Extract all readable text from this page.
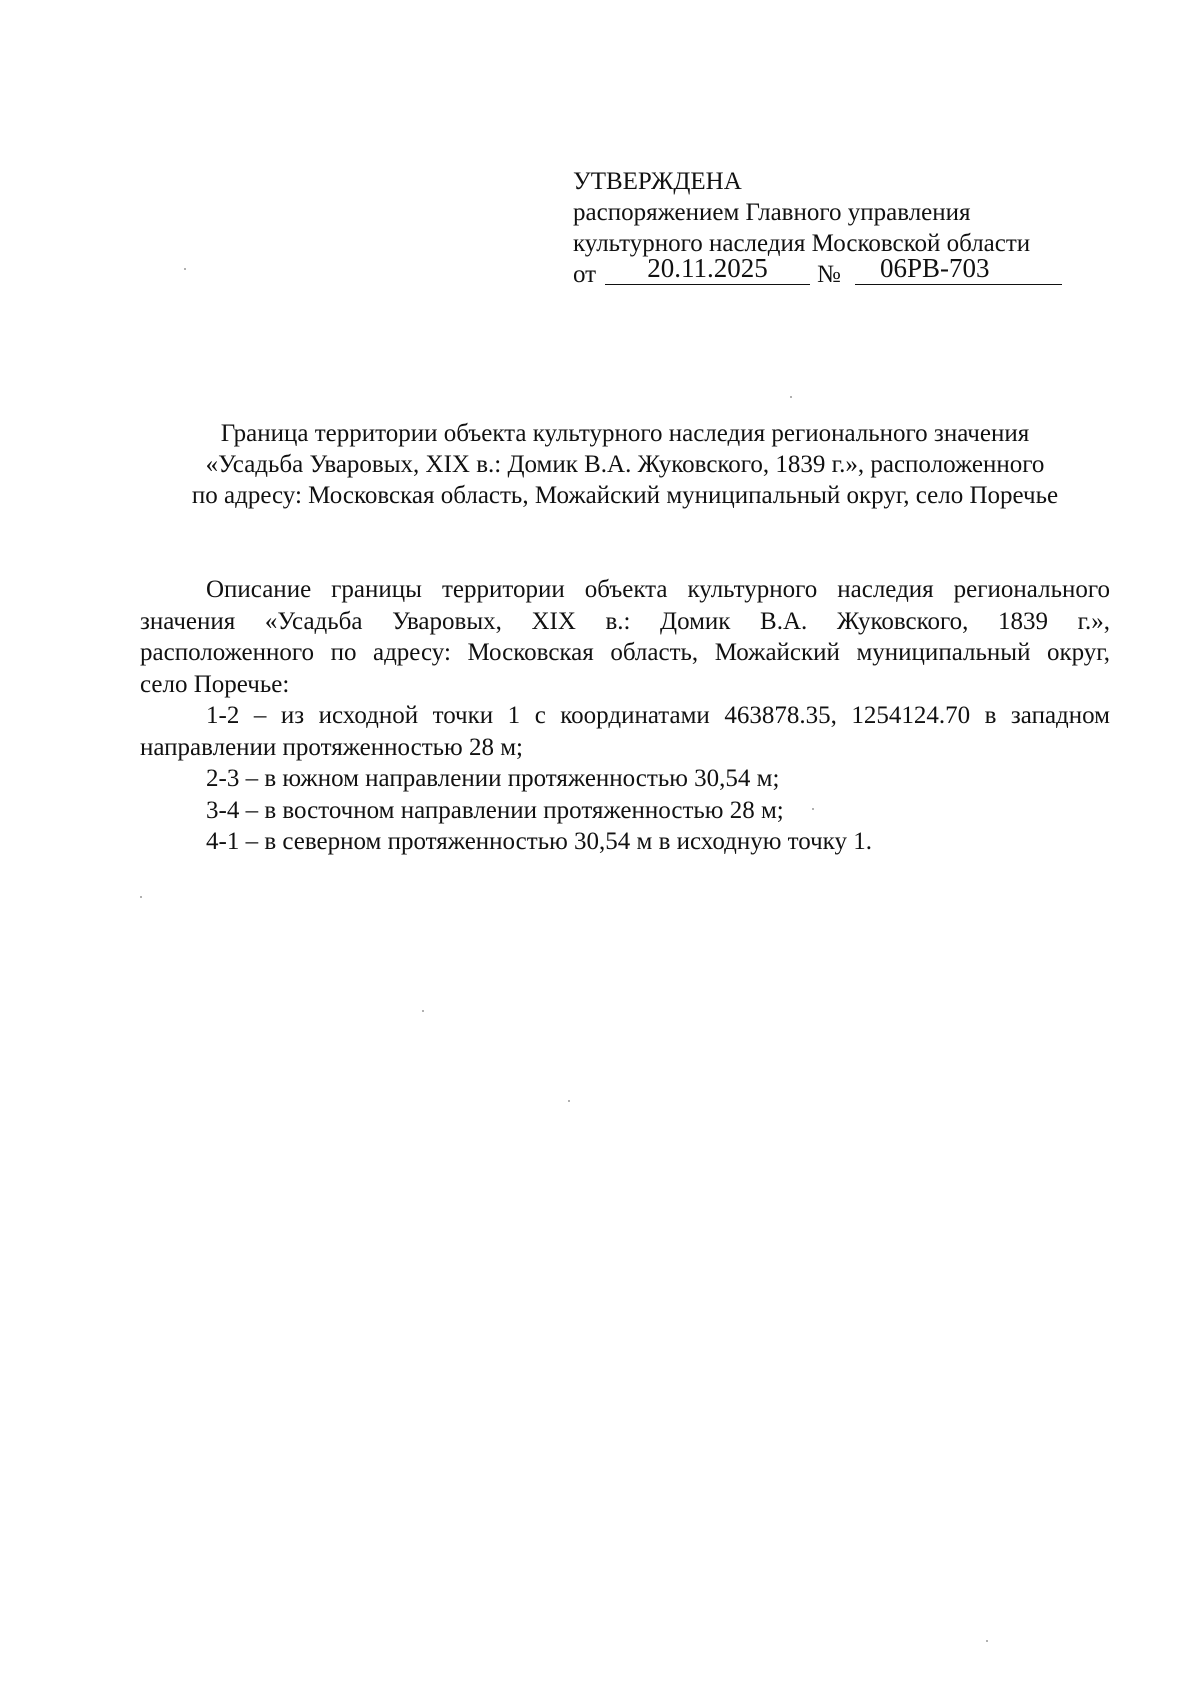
УТВЕРЖДЕНА
распоряжением Главного управления
культурного наследия Московской области
от	20.11.2025	№	06РВ-703
Граница территории объекта культурного наследия регионального значения
«Усадьба Уваровых, XIX в.: Домик В.А. Жуковского, 1839 г.», расположенного
по адресу: Московская область, Можайский муниципальный округ, село Поречье
Описание границы территории объекта культурного наследия регионального
значения «Усадьба Уваровых, XIX в.: Домик В.А. Жуковского, 1839 г.»,
расположенного по адресу: Московская область, Можайский муниципальный округ,
село Поречье:
1-2 – из исходной точки 1 с координатами 463878.35, 1254124.70 в западном
направлении протяженностью 28 м;
2-3 – в южном направлении протяженностью 30,54 м;
3-4 – в восточном направлении протяженностью 28 м;
4-1 – в северном протяженностью 30,54 м в исходную точку 1.
